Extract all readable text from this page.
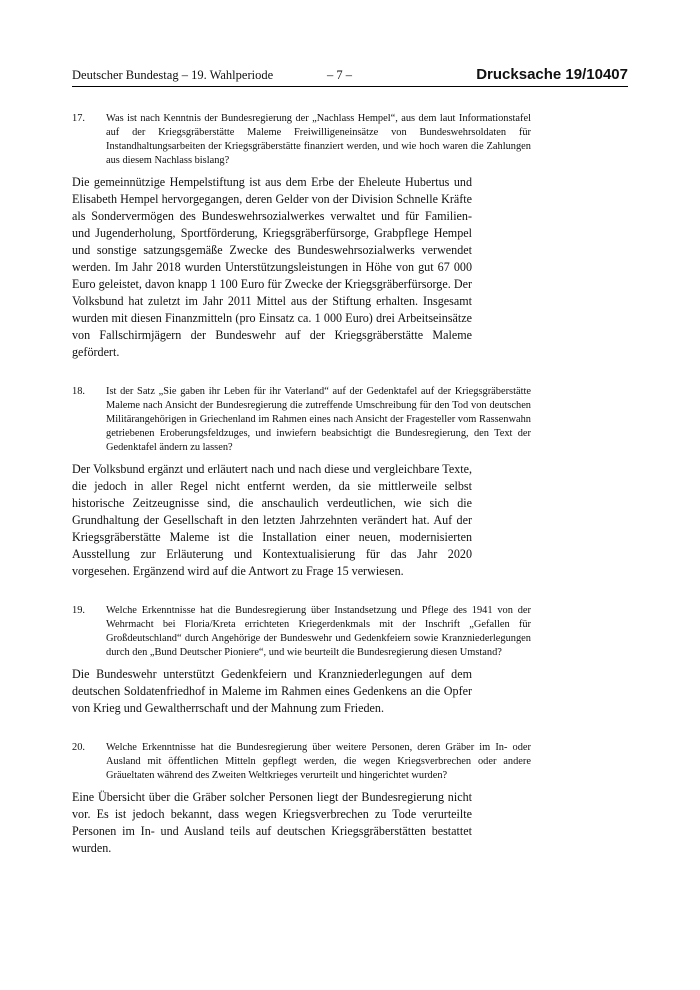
Deutscher Bundestag – 19. Wahlperiode	– 7 –	Drucksache 19/10407
17. Was ist nach Kenntnis der Bundesregierung der „Nachlass Hempel“, aus dem laut Informationstafel auf der Kriegsgräberstätte Maleme Freiwilligeneinsätze von Bundeswehrsoldaten für Instandhaltungsarbeiten der Kriegsgräberstätte finanziert werden, und wie hoch waren die Zahlungen aus diesem Nachlass bislang?
Die gemeinnützige Hempelstiftung ist aus dem Erbe der Eheleute Hubertus und Elisabeth Hempel hervorgegangen, deren Gelder von der Division Schnelle Kräfte als Sondervermögen des Bundeswehrsozialwerkes verwaltet und für Familien- und Jugenderholung, Sportförderung, Kriegsgräberfürsorge, Grabpflege Hempel und sonstige satzungsgemäße Zwecke des Bundeswehrsozialwerks verwendet werden. Im Jahr 2018 wurden Unterstützungsleistungen in Höhe von gut 67 000 Euro geleistet, davon knapp 1 100 Euro für Zwecke der Kriegsgräberfürsorge. Der Volksbund hat zuletzt im Jahr 2011 Mittel aus der Stiftung erhalten. Insgesamt wurden mit diesen Finanzmitteln (pro Einsatz ca. 1 000 Euro) drei Arbeitseinsätze von Fallschirmjägern der Bundeswehr auf der Kriegsgräberstätte Maleme gefördert.
18. Ist der Satz „Sie gaben ihr Leben für ihr Vaterland“ auf der Gedenktafel auf der Kriegsgräberstätte Maleme nach Ansicht der Bundesregierung die zutreffende Umschreibung für den Tod von deutschen Militärangehörigen in Griechenland im Rahmen eines nach Ansicht der Fragesteller vom Rassenwahn getriebenen Eroberungsfeldzuges, und inwiefern beabsichtigt die Bundesregierung, den Text der Gedenktafel ändern zu lassen?
Der Volksbund ergänzt und erläutert nach und nach diese und vergleichbare Texte, die jedoch in aller Regel nicht entfernt werden, da sie mittlerweile selbst historische Zeitzeugnisse sind, die anschaulich verdeutlichen, wie sich die Grundhaltung der Gesellschaft in den letzten Jahrzehnten verändert hat. Auf der Kriegsgräberstätte Maleme ist die Installation einer neuen, modernisierten Ausstellung zur Erläuterung und Kontextualisierung für das Jahr 2020 vorgesehen. Ergänzend wird auf die Antwort zu Frage 15 verwiesen.
19. Welche Erkenntnisse hat die Bundesregierung über Instandsetzung und Pflege des 1941 von der Wehrmacht bei Floria/Kreta errichteten Kriegerdenkmals mit der Inschrift „Gefallen für Großdeutschland“ durch Angehörige der Bundeswehr und Gedenkfeiern sowie Kranzniederlegungen durch den „Bund Deutscher Pioniere“, und wie beurteilt die Bundesregierung diesen Umstand?
Die Bundeswehr unterstützt Gedenkfeiern und Kranzniederlegungen auf dem deutschen Soldatenfriedhof in Maleme im Rahmen eines Gedenkens an die Opfer von Krieg und Gewaltherrschaft und der Mahnung zum Frieden.
20. Welche Erkenntnisse hat die Bundesregierung über weitere Personen, deren Gräber im In- oder Ausland mit öffentlichen Mitteln gepflegt werden, die wegen Kriegsverbrechen oder andere Gräueltaten während des Zweiten Weltkrieges verurteilt und hingerichtet wurden?
Eine Übersicht über die Gräber solcher Personen liegt der Bundesregierung nicht vor. Es ist jedoch bekannt, dass wegen Kriegsverbrechen zu Tode verurteilte Personen im In- und Ausland teils auf deutschen Kriegsgräberstätten bestattet wurden.
